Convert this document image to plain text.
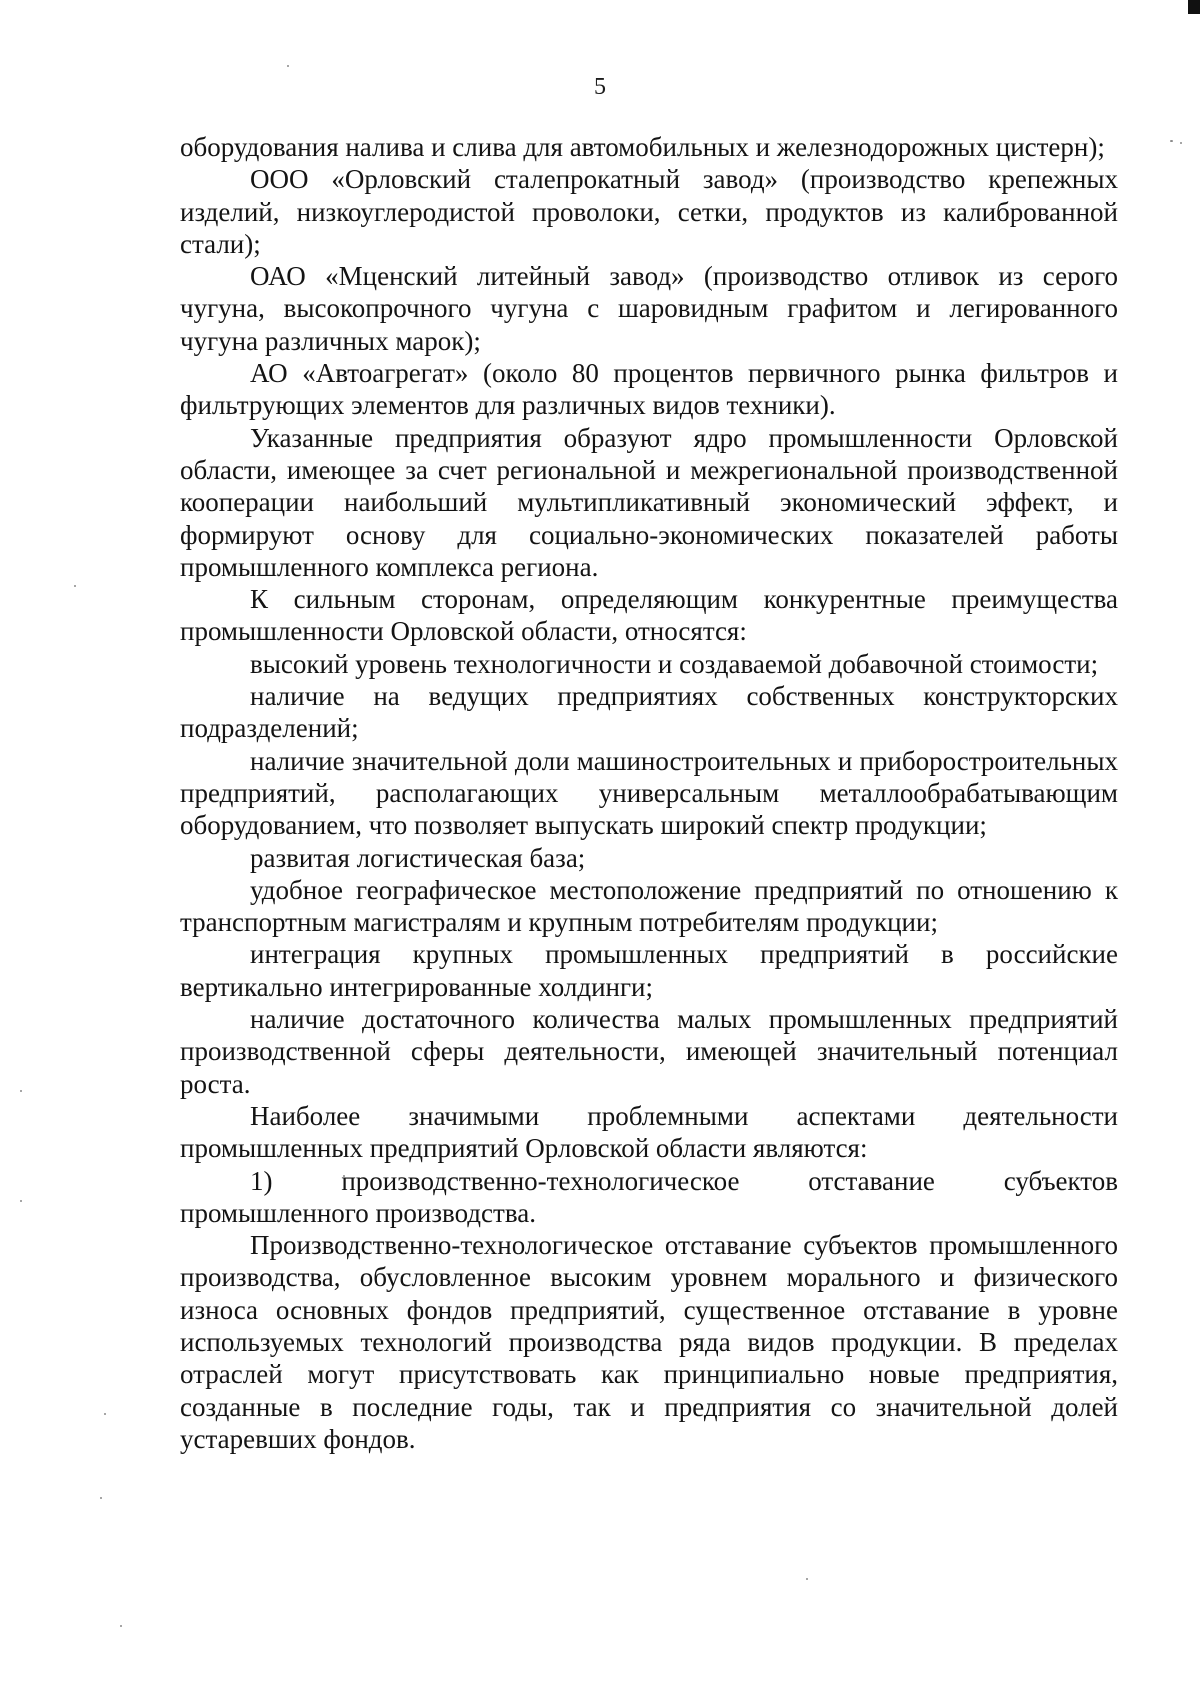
5

оборудования налива и слива для автомобильных и железнодорожных цистерн);

ООО «Орловский сталепрокатный завод» (производство крепежных изделий, низкоуглеродистой проволоки, сетки, продуктов из калиброванной стали);

ОАО «Мценский литейный завод» (производство отливок из серого чугуна, высокопрочного чугуна с шаровидным графитом и легированного чугуна различных марок);

АО «Автоагрегат» (около 80 процентов первичного рынка фильтров и фильтрующих элементов для различных видов техники).

Указанные предприятия образуют ядро промышленности Орловской области, имеющее за счет региональной и межрегиональной производственной кооперации наибольший мультипликативный экономический эффект, и формируют основу для социально-экономических показателей работы промышленного комплекса региона.

К сильным сторонам, определяющим конкурентные преимущества промышленности Орловской области, относятся:

высокий уровень технологичности и создаваемой добавочной стоимости;

наличие на ведущих предприятиях собственных конструкторских подразделений;

наличие значительной доли машиностроительных и приборостроительных предприятий, располагающих универсальным металлообрабатывающим оборудованием, что позволяет выпускать широкий спектр продукции;

развитая логистическая база;

удобное географическое местоположение предприятий по отношению к транспортным магистралям и крупным потребителям продукции;

интеграция крупных промышленных предприятий в российские вертикально интегрированные холдинги;

наличие достаточного количества малых промышленных предприятий производственной сферы деятельности, имеющей значительный потенциал роста.

Наиболее значимыми проблемными аспектами деятельности промышленных предприятий Орловской области являются:

1) производственно-технологическое отставание субъектов промышленного производства.

Производственно-технологическое отставание субъектов промышленного производства, обусловленное высоким уровнем морального и физического износа основных фондов предприятий, существенное отставание в уровне используемых технологий производства ряда видов продукции. В пределах отраслей могут присутствовать как принципиально новые предприятия, созданные в последние годы, так и предприятия со значительной долей устаревших фондов.
